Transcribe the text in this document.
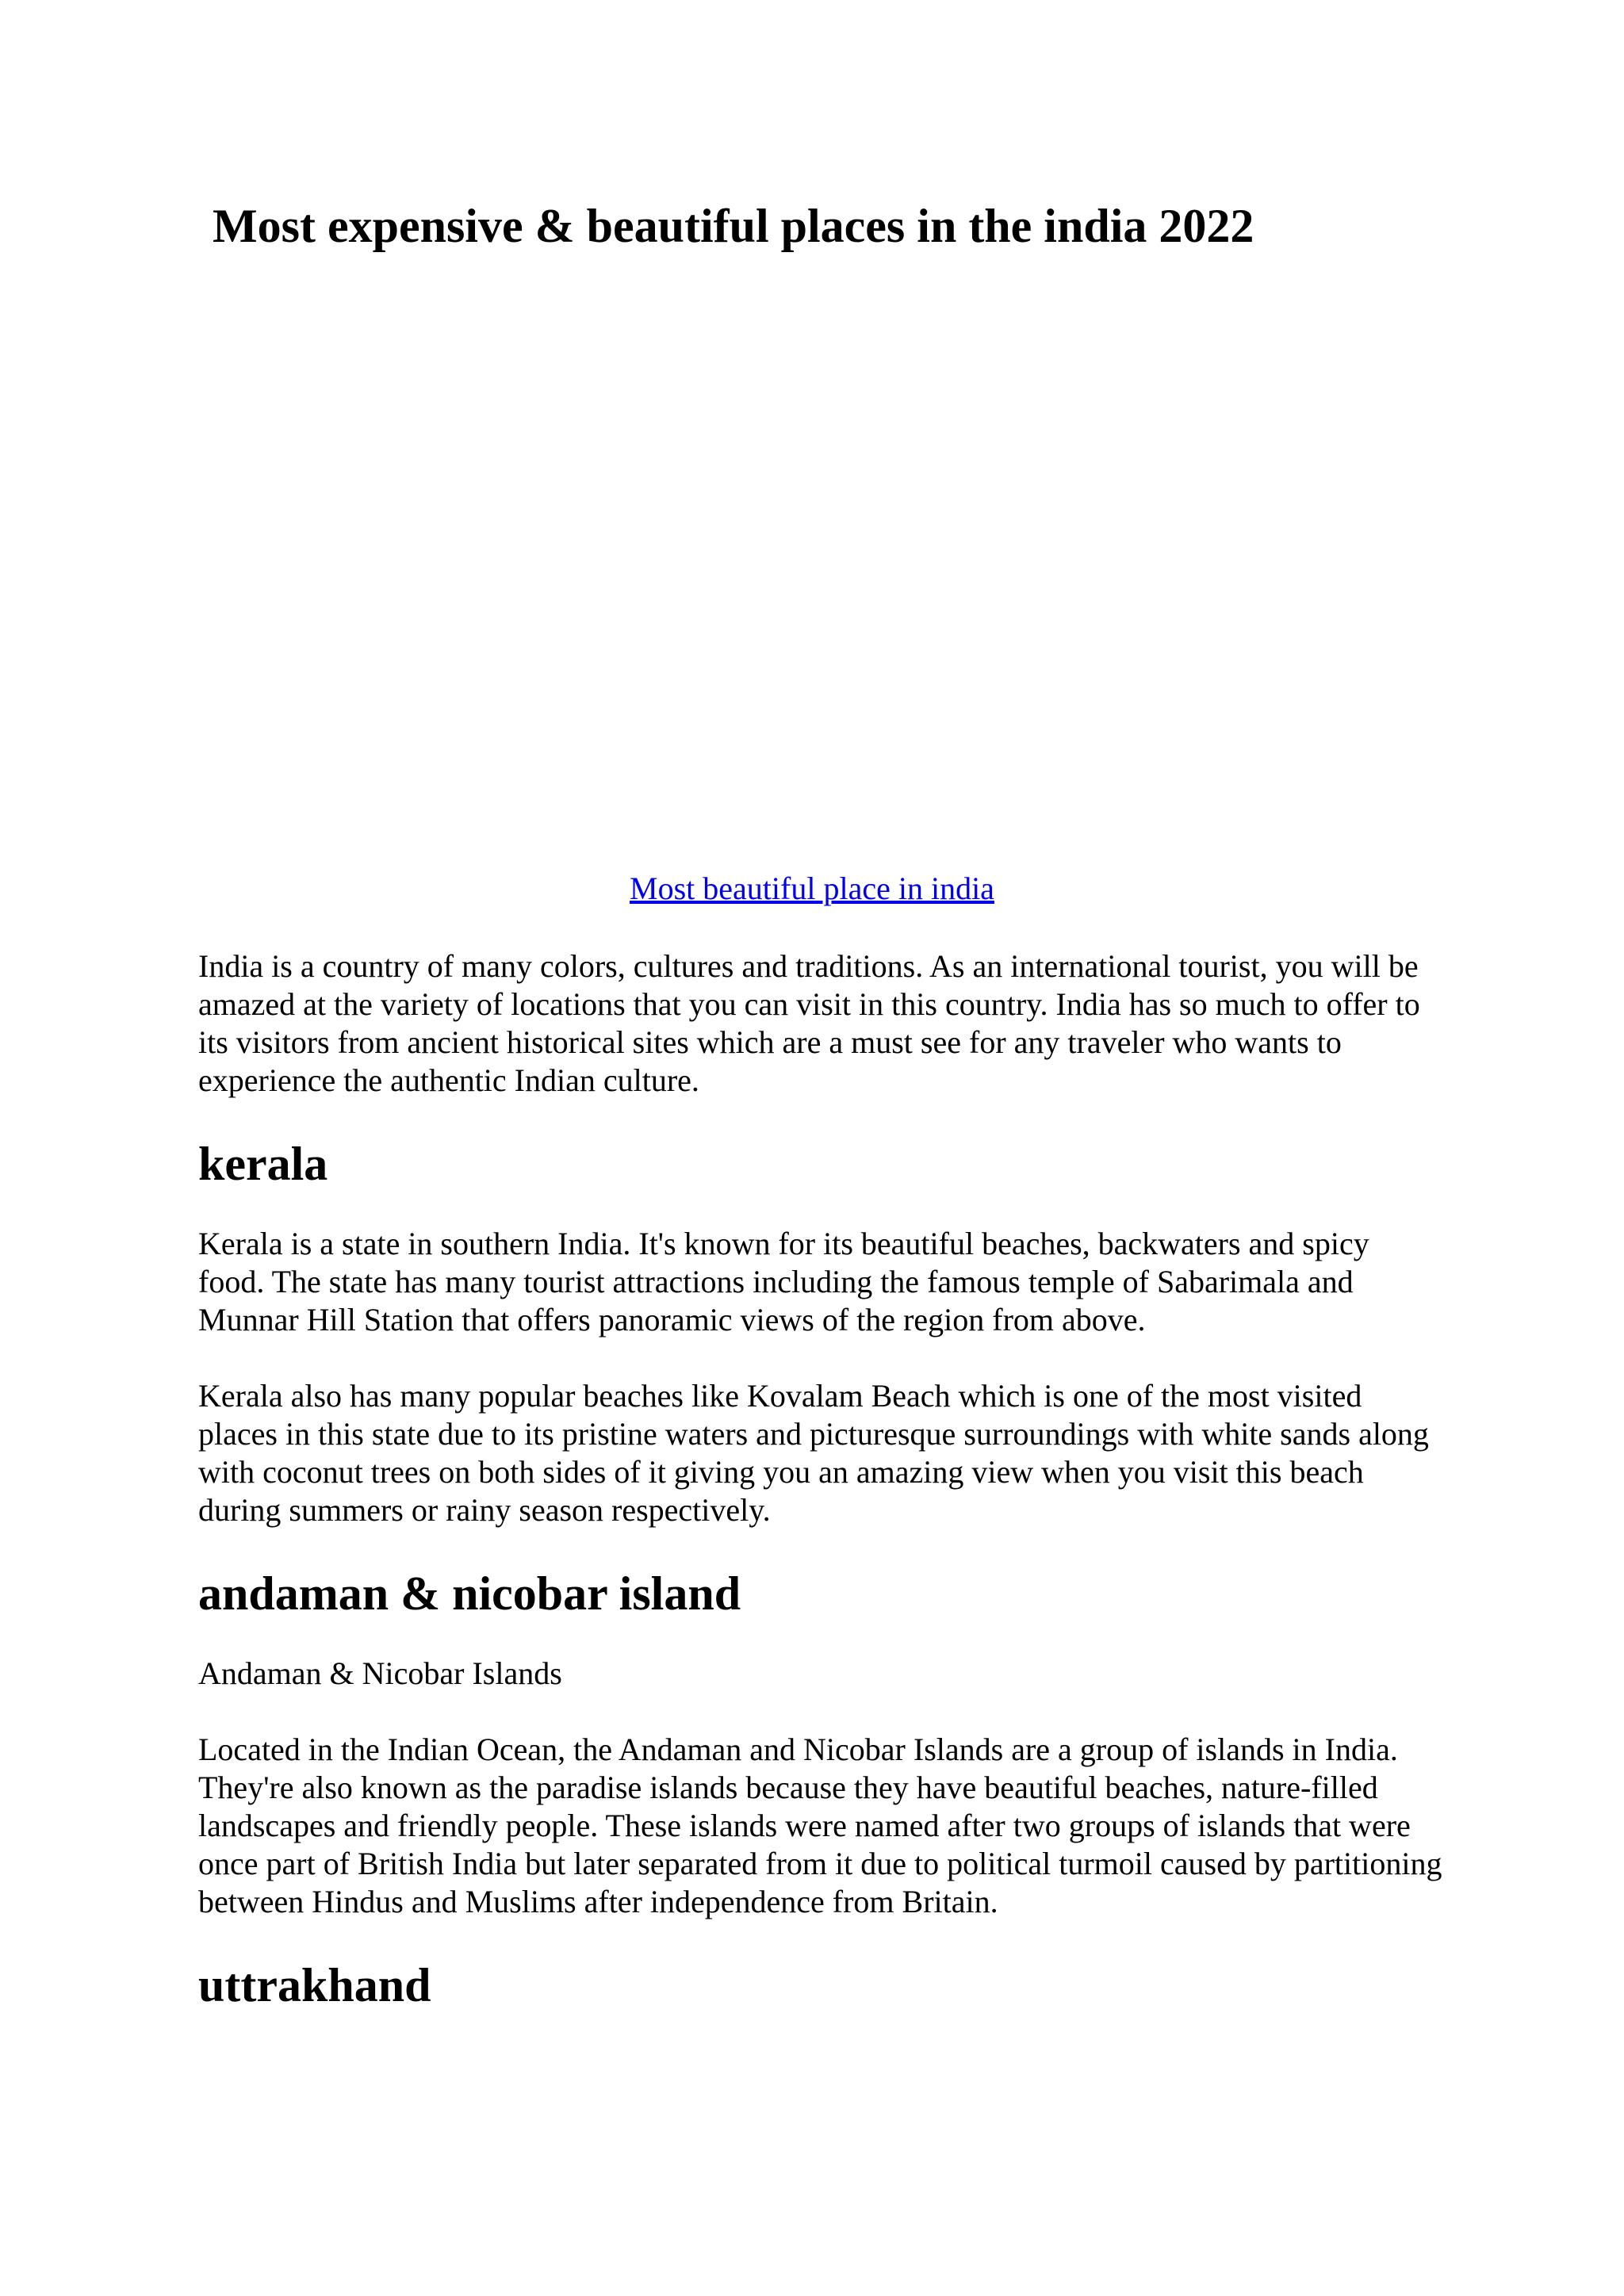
Most expensive & beautiful places in the india 2022
Most beautiful place in india

India is a country of many colors, cultures and traditions. As an international tourist, you will be amazed at the variety of locations that you can visit in this country. India has so much to offer to its visitors from ancient historical sites which are a must see for any traveler who wants to experience the authentic Indian culture.

kerala

Kerala is a state in southern India. It's known for its beautiful beaches, backwaters and spicy food. The state has many tourist attractions including the famous temple of Sabarimala and Munnar Hill Station that offers panoramic views of the region from above.

Kerala also has many popular beaches like Kovalam Beach which is one of the most visited places in this state due to its pristine waters and picturesque surroundings with white sands along with coconut trees on both sides of it giving you an amazing view when you visit this beach during summers or rainy season respectively.

andaman & nicobar island

Andaman & Nicobar Islands

Located in the Indian Ocean, the Andaman and Nicobar Islands are a group of islands in India. They're also known as the paradise islands because they have beautiful beaches, nature-filled landscapes and friendly people. These islands were named after two groups of islands that were once part of British India but later separated from it due to political turmoil caused by partitioning between Hindus and Muslims after independence from Britain.

uttrakhand
